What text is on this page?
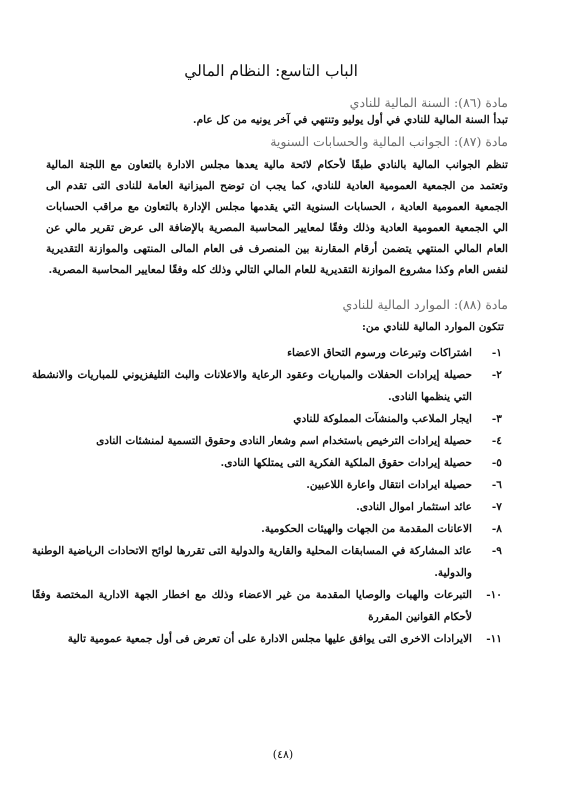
الباب التاسع: النظام المالي
مادة (٨٦): السنة المالية للنادي

تبدأ السنة المالية للنادي في أول يوليو وتنتهي في آخر يونيه من كل عام.

مادة (٨٧): الجوانب المالية والحسابات السنوية

تنظم الجوانب المالية بالنادي طبقًا لأحكام لائحة مالية يعدها مجلس الادارة بالتعاون مع اللجنة المالية وتعتمد من الجمعية العمومية العادية للنادي، كما يجب ان توضح الميزانية العامة للنادى التى تقدم الى الجمعية العمومية العادية ، الحسابات السنوية التي يقدمها مجلس الإدارة بالتعاون مع مراقب الحسابات الي الجمعية العمومية العادية وذلك وفقًا لمعايير المحاسبة المصرية بالإضافة الى عرض تقرير مالي عن العام المالي المنتهي يتضمن أرقام المقارنة بين المنصرف فى العام المالى المنتهى والموازنة التقديرية لنفس العام وكذا مشروع الموازنة التقديرية للعام المالي التالي وذلك كله وفقًا لمعايير المحاسبة المصرية.

مادة (٨٨): الموارد المالية للنادي
تتكون الموارد المالية للنادي من:
١-
اشتراكات وتبرعات ورسوم التحاق الاعضاء
٢-
حصيلة إيرادات الحفلات والمباريات وعقود الرعاية والاعلانات والبث التليفزيوني للمباريات والانشطة التي ينظمها النادى.
٣-
ايجار الملاعب والمنشآت المملوكة للنادي
٤-
حصيلة إيرادات الترخيص باستخدام اسم وشعار النادى وحقوق التسمية لمنشئات النادى
٥-
حصيلة إيرادات حقوق الملكية الفكرية التى يمتلكها النادى.
٦-
حصيلة ايرادات انتقال واعارة اللاعبين.
٧-
عائد استثمار اموال النادى.
٨-
الاعانات المقدمة من الجهات والهيئات الحكومية.
٩-
عائد المشاركة في المسابقات المحلية والقارية والدولية التى تقررها لوائح الاتحادات الرياضية الوطنية والدولية.
١٠-
التبرعات والهبات والوصايا المقدمة من غير الاعضاء وذلك مع اخطار الجهة الادارية المختصة وفقًا لأحكام القوانين المقررة
١١-
الايرادات الاخرى التى يوافق عليها مجلس الادارة على أن تعرض فى أول جمعية عمومية تالية
(٤٨)
